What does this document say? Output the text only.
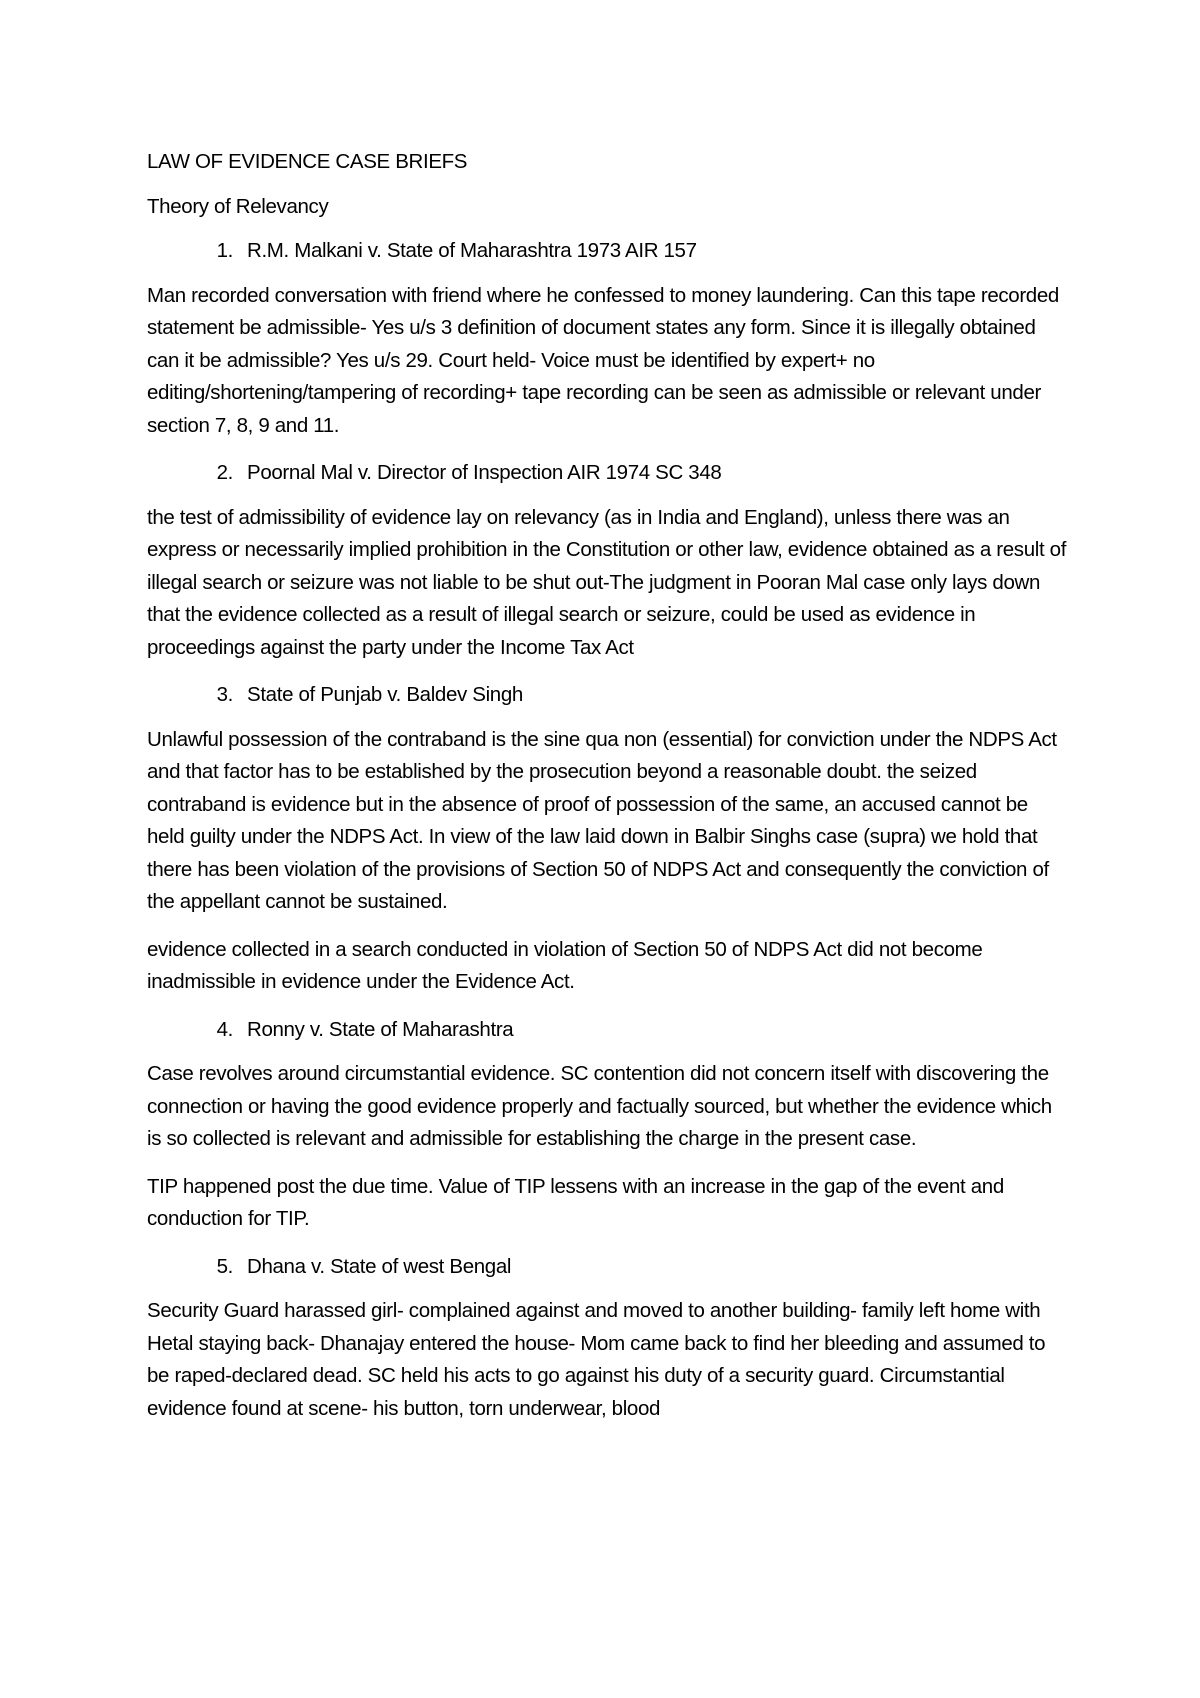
LAW OF EVIDENCE CASE BRIEFS

Theory of Relevancy

1. R.M. Malkani v. State of Maharashtra 1973 AIR 157

Man recorded conversation with friend where he confessed to money laundering. Can this tape recorded statement be admissible- Yes u/s 3 definition of document states any form. Since it is illegally obtained can it be admissible? Yes u/s 29. Court held- Voice must be identified by expert+ no editing/shortening/tampering of recording+ tape recording can be seen as admissible or relevant under section 7, 8, 9 and 11.

2. Poornal Mal v. Director of Inspection AIR 1974 SC 348

the test of admissibility of evidence lay on relevancy (as in India and England), unless there was an express or necessarily implied prohibition in the Constitution or other law, evidence obtained as a result of illegal search or seizure was not liable to be shut out-The judgment in Pooran Mal case only lays down that the evidence collected as a result of illegal search or seizure, could be used as evidence in proceedings against the party under the Income Tax Act

3. State of Punjab v. Baldev Singh

Unlawful possession of the contraband is the sine qua non (essential) for conviction under the NDPS Act and that factor has to be established by the prosecution beyond a reasonable doubt. the seized contraband is evidence but in the absence of proof of possession of the same, an accused cannot be held guilty under the NDPS Act. In view of the law laid down in Balbir Singhs case (supra) we hold that there has been violation of the provisions of Section 50 of NDPS Act and consequently the conviction of the appellant cannot be sustained.

evidence collected in a search conducted in violation of Section 50 of NDPS Act did not become inadmissible in evidence under the Evidence Act.

4. Ronny v. State of Maharashtra

Case revolves around circumstantial evidence. SC contention did not concern itself with discovering the connection or having the good evidence properly and factually sourced, but whether the evidence which is so collected is relevant and admissible for establishing the charge in the present case.

TIP happened post the due time. Value of TIP lessens with an increase in the gap of the event and conduction for TIP.

5. Dhana v. State of west Bengal

Security Guard harassed girl- complained against and moved to another building- family left home with Hetal staying back- Dhanajay entered the house- Mom came back to find her bleeding and assumed to be raped-declared dead. SC held his acts to go against his duty of a security guard. Circumstantial evidence found at scene- his button, torn underwear, blood
